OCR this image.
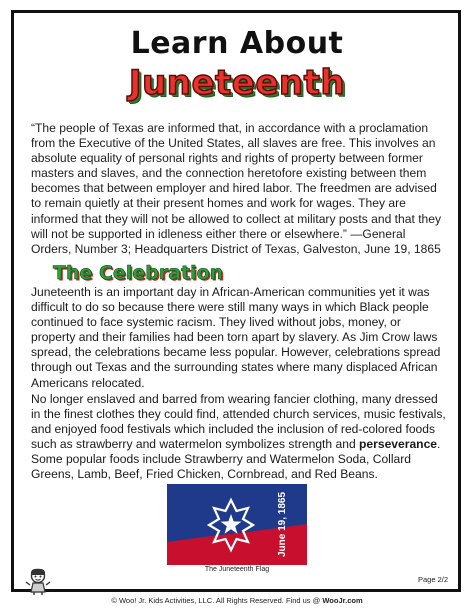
Learn About
Juneteenth
“The people of Texas are informed that, in accordance with a proclamation from the Executive of the United States, all slaves are free. This involves an absolute equality of personal rights and rights of property between former masters and slaves, and the connection heretofore existing between them becomes that between employer and hired labor. The freedmen are advised to remain quietly at their present homes and work for wages. They are informed that they will not be allowed to collect at military posts and that they will not be supported in idleness either there or elsewhere.” —General Orders, Number 3; Headquarters District of Texas, Galveston, June 19, 1865
The Celebration
Juneteenth is an important day in African-American communities yet it was difficult to do so because there were still many ways in which Black people continued to face systemic racism. They lived without jobs, money, or property and their families had been torn apart by slavery. As Jim Crow laws spread, the celebrations became less popular. However, celebrations spread through out Texas and the surrounding states where many displaced African Americans relocated.
No longer enslaved and barred from wearing fancier clothing, many dressed in the finest clothes they could find, attended church services, music festivals, and enjoyed food festivals which included the inclusion of red-colored foods such as strawberry and watermelon symbolizes strength and perseverance. Some popular foods include Strawberry and Watermelon Soda, Collard Greens, Lamb, Beef, Fried Chicken, Cornbread, and Red Beans.
June 19, 1865
The Juneteenth Flag
Page 2/2
© Woo! Jr. Kids Activities, LLC. All Rights Reserved. Find us @ WooJr.com
